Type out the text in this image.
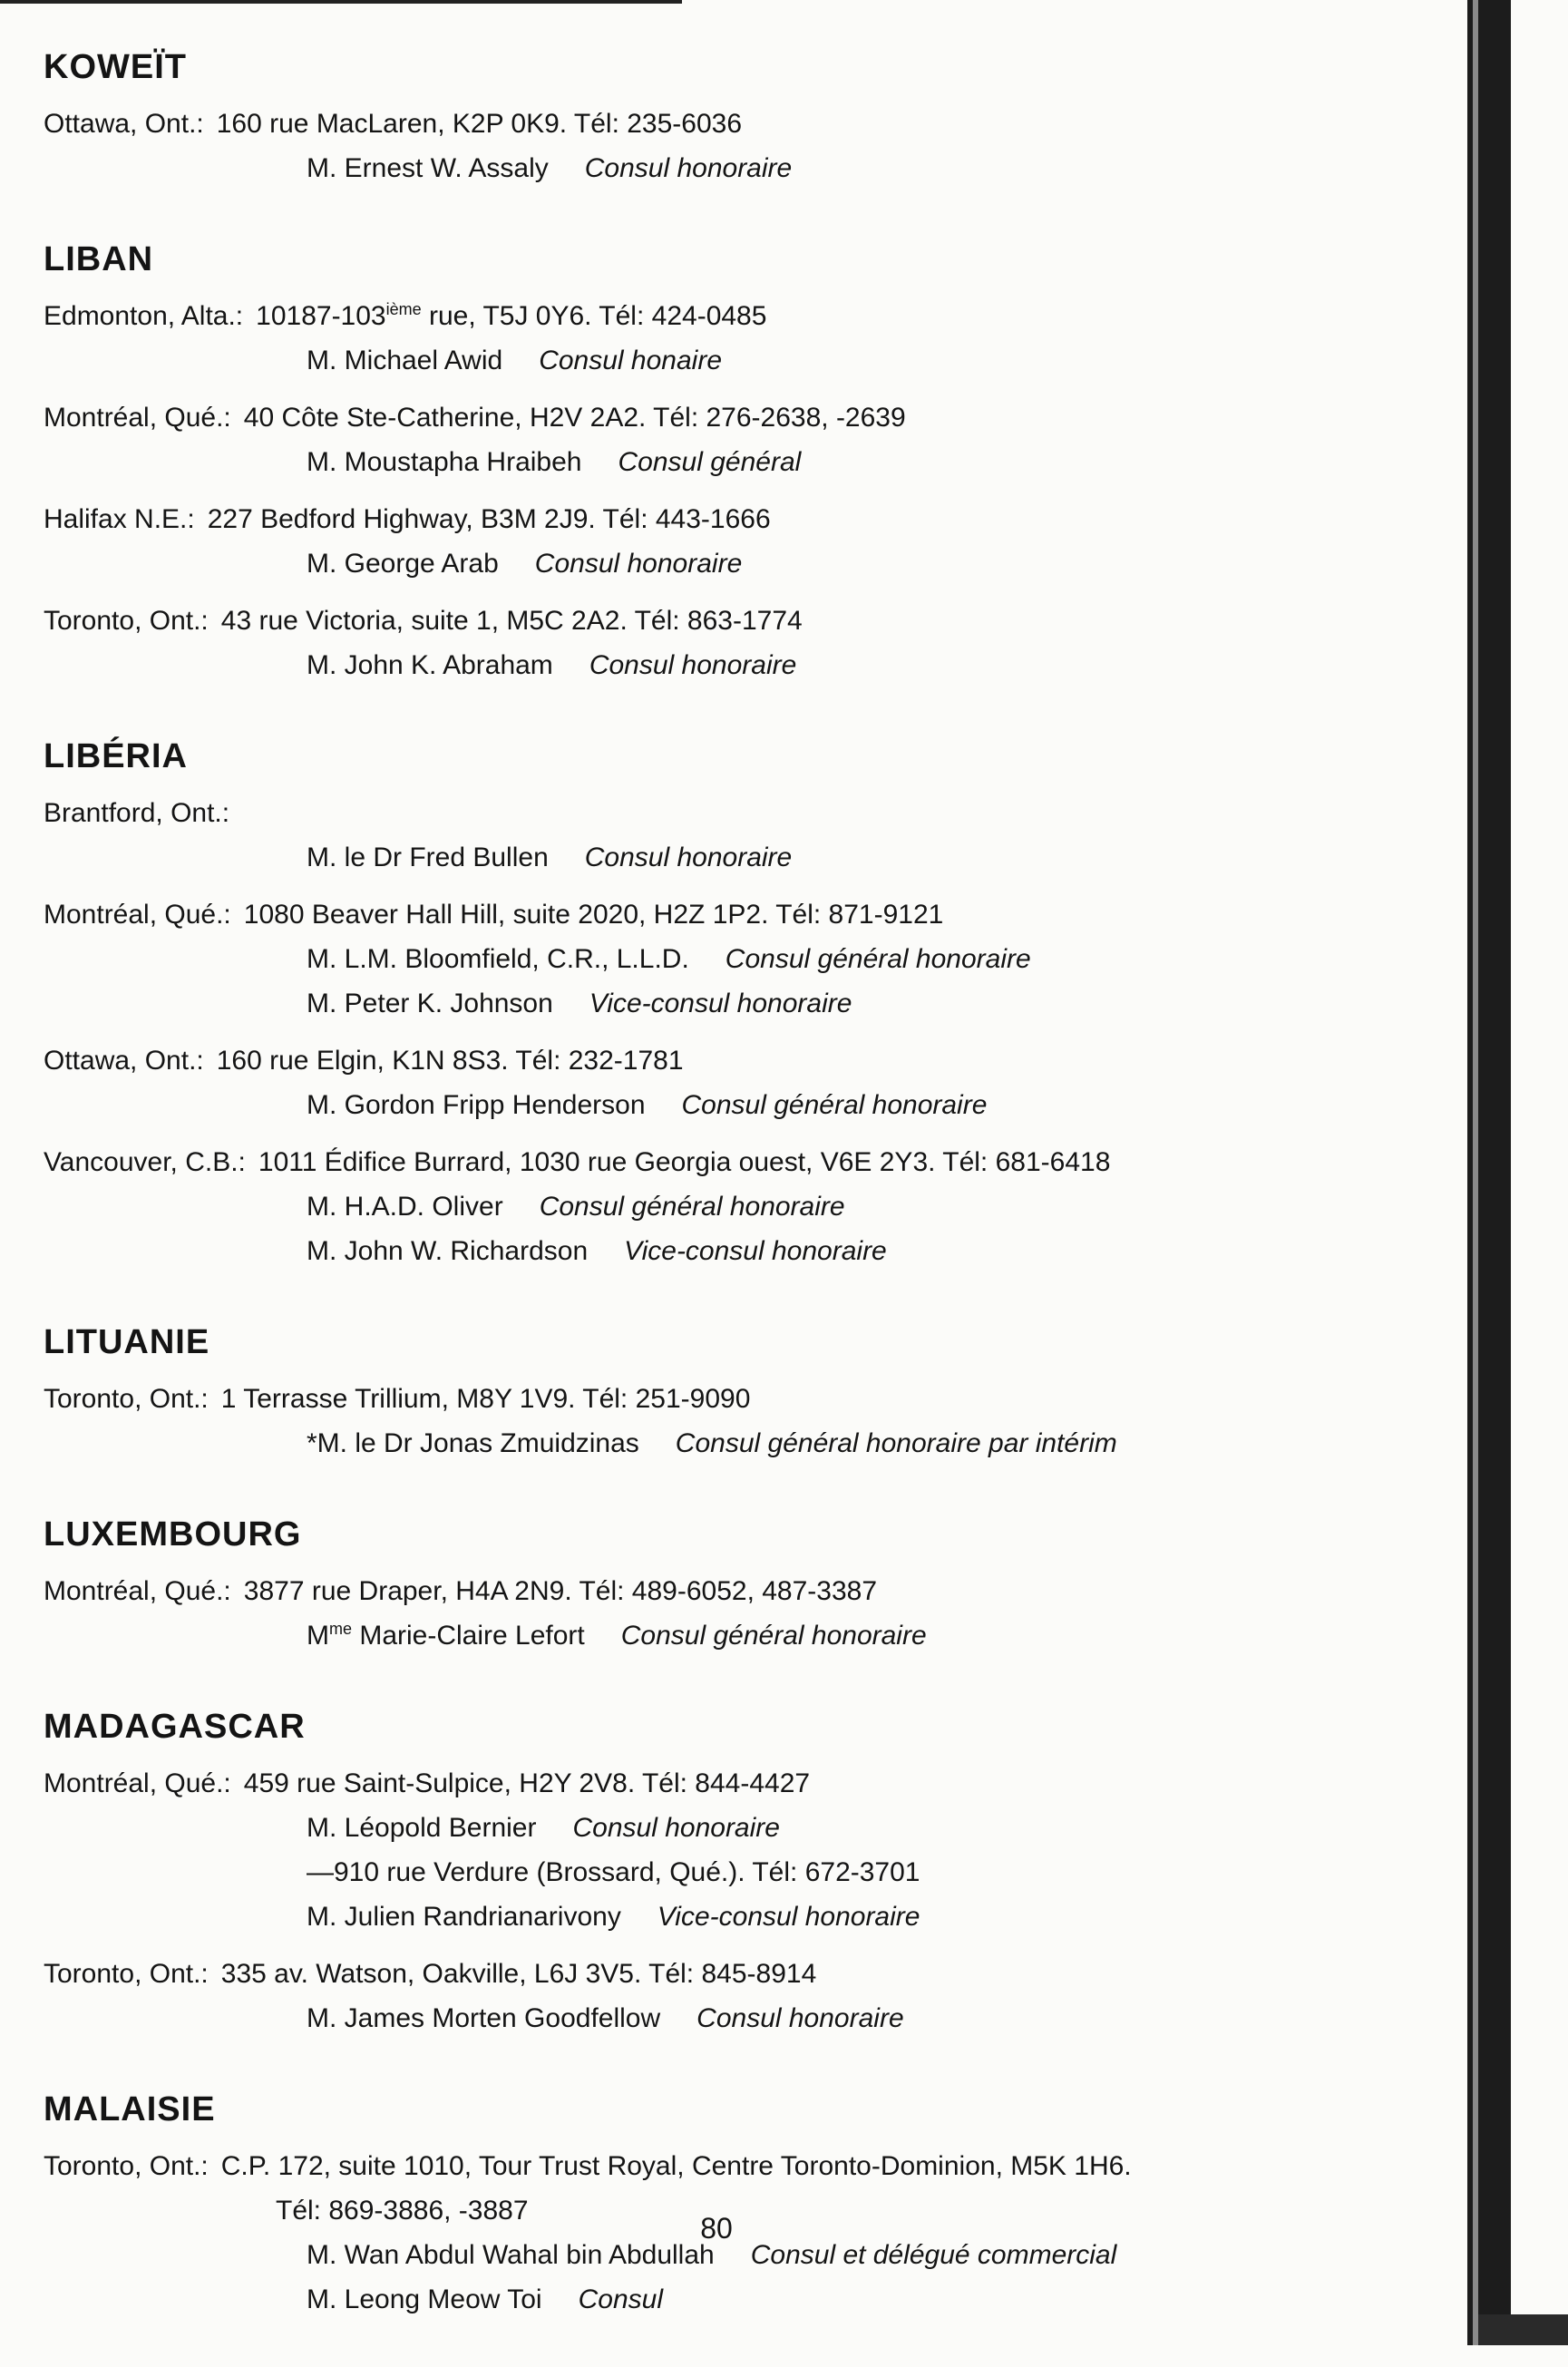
KOWEÏT
Ottawa, Ont.: 160 rue MacLaren, K2P 0K9. Tél: 235-6036
M. Ernest W. Assaly Consul honoraire
LIBAN
Edmonton, Alta.: 10187-103ième rue, T5J 0Y6. Tél: 424-0485
M. Michael Awid Consul honaire
Montréal, Qué.: 40 Côte Ste-Catherine, H2V 2A2. Tél: 276-2638, -2639
M. Moustapha Hraibeh Consul général
Halifax N.E.: 227 Bedford Highway, B3M 2J9. Tél: 443-1666
M. George Arab Consul honoraire
Toronto, Ont.: 43 rue Victoria, suite 1, M5C 2A2. Tél: 863-1774
M. John K. Abraham Consul honoraire
LIBÉRIA
Brantford, Ont.:
M. le Dr Fred Bullen Consul honoraire
Montréal, Qué.: 1080 Beaver Hall Hill, suite 2020, H2Z 1P2. Tél: 871-9121
M. L.M. Bloomfield, C.R., L.L.D. Consul général honoraire
M. Peter K. Johnson Vice-consul honoraire
Ottawa, Ont.: 160 rue Elgin, K1N 8S3. Tél: 232-1781
M. Gordon Fripp Henderson Consul général honoraire
Vancouver, C.B.: 1011 Édifice Burrard, 1030 rue Georgia ouest, V6E 2Y3. Tél: 681-6418
M. H.A.D. Oliver Consul général honoraire
M. John W. Richardson Vice-consul honoraire
LITUANIE
Toronto, Ont.: 1 Terrasse Trillium, M8Y 1V9. Tél: 251-9090
*M. le Dr Jonas Zmuidzinas Consul général honoraire par intérim
LUXEMBOURG
Montréal, Qué.: 3877 rue Draper, H4A 2N9. Tél: 489-6052, 487-3387
$M^{me}$ Marie-Claire Lefort Consul général honoraire
MADAGASCAR
Montréal, Qué.: 459 rue Saint-Sulpice, H2Y 2V8. Tél: 844-4427
M. Léopold Bernier Consul honoraire
—910 rue Verdure (Brossard, Qué.). Tél: 672-3701
M. Julien Randrianarivony Vice-consul honoraire
Toronto, Ont.: 335 av. Watson, Oakville, L6J 3V5. Tél: 845-8914
M. James Morten Goodfellow Consul honoraire
MALAISIE
Toronto, Ont.: C.P. 172, suite 1010, Tour Trust Royal, Centre Toronto-Dominion, M5K 1H6.
Tél: 869-3886, -3887
M. Wan Abdul Wahal bin Abdullah Consul et délégué commercial
M. Leong Meow Toi Consul
80
